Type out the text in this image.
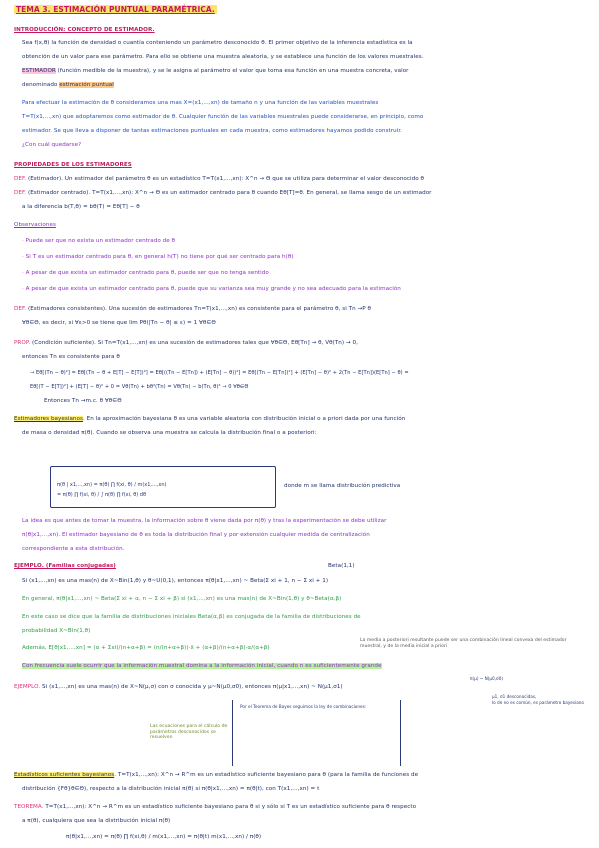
TEMA 3. ESTIMACIÓN PUNTUAL PARAMÉTRICA.
INTRODUCCIÓN: CONCEPTO DE ESTIMADOR.
Sea f(x,θ) la función de densidad o cuantía conteniendo un parámetro desconocido θ. El primer objetivo de la inferencia estadística es la
obtención de un valor para ese parámetro. Para ello se obtiene una muestra aleatoria, y se establece una función de los valores muestrales.
ESTIMADOR (función medible de la muestra), y se le asigna al parámetro el valor que toma esa función en una muestra concreta, valor
denominado estimación puntual
Para efectuar la estimación de θ consideramos una mas X=(x1,...,xn) de tamaño n y una función de las variables muestrales
T=T(x1,...,xn) que adoptaremos como estimador de θ. Cualquier función de las variables muestrales puede considerarse, en principio, como
estimador. Se que lleva a disponer de tantas estimaciones puntuales en cada muestra, como estimadores hayamos podido construir.
¿Con cuál quedarse?
PROPIEDADES DE LOS ESTIMADORES
DEF. (Estimador). Un estimador del parámetro θ es un estadístico T=T(x1,...,xn): X^n → Θ que se utiliza para determinar el valor desconocido θ
DEF. (Estimador centrado). T=T(x1,...,xn): X^n → Θ es un estimador centrado para θ cuando Eθ[T]=θ. En general, se llama sesgo de un estimador
a la diferencia b(T,θ) = bθ(T) = Eθ[T] − θ
Observaciones
· Puede ser que no exista un estimador centrado de θ
· Si T es un estimador centrado para θ, en general h(T) no tiene por qué ser centrado para h(θ)
· A pesar de que exista un estimador centrado para θ, puede ser que no tenga sentido
· A pesar de que exista un estimador centrado para θ, puede que su varianza sea muy grande y no sea adecuado para la estimación
DEF. (Estimadores consistentes). Una sucesión de estimadores Tn=T(x1,...,xn) es consistente para el parámetro θ, si Tn →P θ
∀θ∈Θ, es decir, si ∀ε>0 se tiene que lim Pθ(|Tn − θ| ≤ ε) = 1 ∀θ∈Θ
PROP. (Condición suficiente). Si Tn=T(x1,...,xn) es una sucesión de estimadores tales que ∀θ∈Θ, Eθ[Tn] → θ, Vθ(Tn) → 0,
entonces Tn es consistente para θ
→ Eθ[(Tn − θ)²] = Eθ[(Tn − θ + E[T] − E[T])²] = Eθ[((Tn − E[Tn]) + (E[Tn] − θ))²] = Eθ[(Tn − E[Tn])²] + (E[Tn] − θ)² + 2(Tn − E[Tn])(E[Tn] − θ) =
Eθ[(T − E[T])²] + (E[T] − θ)² + 0 = Vθ(Tn) + bθ²(Tn) = Vθ(Tn) − b(Tn, θ)² → 0 ∀θ∈Θ
Entonces Tn →m.c. θ ∀θ∈Θ
Estimadores bayesianos. En la aproximación bayesiana θ es una variable aleatoria con distribución inicial o a priori dada por una función
de masa o densidad π(θ). Cuando se observa una muestra se calcula la distribución final o a posteriori:
π(θ | x1,...,xn) = π(θ) ∏ f(xi, θ) / m(x1,...,xn)
= π(θ) ∏ f(xi, θ) / ∫ π(θ) ∏ f(xi, θ) dθ
donde m se llama distribución predictiva
La idea es que antes de tomar la muestra, la información sobre θ viene dada por π(θ) y tras la experimentación se debe utilizar
π(θ|x1,...,xn). El estimador bayesiano de θ es toda la distribución final y por extensión cualquier medida de centralización
correspondiente a esta distribución.
EJEMPLO. (Familias conjugadas)	Beta(1,1)
Si (x1,...,xn) es una mas(n) de X~Bin(1,θ) y θ~U(0,1), entonces π(θ|x1,...,xn) ~ Beta(Σ xi + 1, n − Σ xi + 1)
En general, π(θ|x1,...,xn) ~ Beta(Σ xi + α, n − Σ xi + β) si (x1,...,xn) es una mas(n) de X~Bin(1,θ) y θ~Beta(α,β)
En este caso se dice que la familia de distribuciones iniciales Beta(α,β) es conjugada de la familia de distribuciones de
probabilidad X~Bin(1,θ)
La media a posteriori resultante puede ser una combinación lineal convexa del estimador muestral, y de la media inicial a priori
Además, E[θ|x1,...,xn] = (α + Σxi)/(n+α+β) = (n/(n+α+β))·x̄ + (α+β)/(n+α+β)·α/(α+β)
Con frecuencia suele ocurrir que la información muestral domina a la información inicial, cuando n es suficientemente grande
EJEMPLO. Si (x1,...,xn) es una mas(n) de X~N(μ,σ) con σ conocida y μ~N(μ0,σ0), entonces π(μ|x1,...,xn) ~ N(μ1,σ1)
π(μ) ~ N(μ0,σ0)
μ1, σ1 desconocidas,
lo de no es común, es parámetro bayesiano
Las ecuaciones para el cálculo de parámetros desconocidos se resuelven
Por el Teorema de Bayes seguimos la ley de combinaciones:
Estadísticos suficientes bayesianos. T=T(x1,...,xn): X^n → R^m es un estadístico suficiente bayesiano para θ (para la familia de funciones de
distribución {Fθ}θ∈Θ), respecto a la distribución inicial π(θ) si π(θ|x1,...,xn) = π(θ|t), con T(x1,...,xn) = t
TEOREMA. T=T(x1,...,xn): X^n → R^m es un estadístico suficiente bayesiano para θ si y sólo si T es un estadístico suficiente para θ respecto
a π(θ), cualquiera que sea la distribución inicial π(θ)
π(θ|x1,...,xn) = π(θ) ∏ f(xi,θ) / m(x1,...,xn) = π(θ|t) m(x1,...,xn) / π(θ)
